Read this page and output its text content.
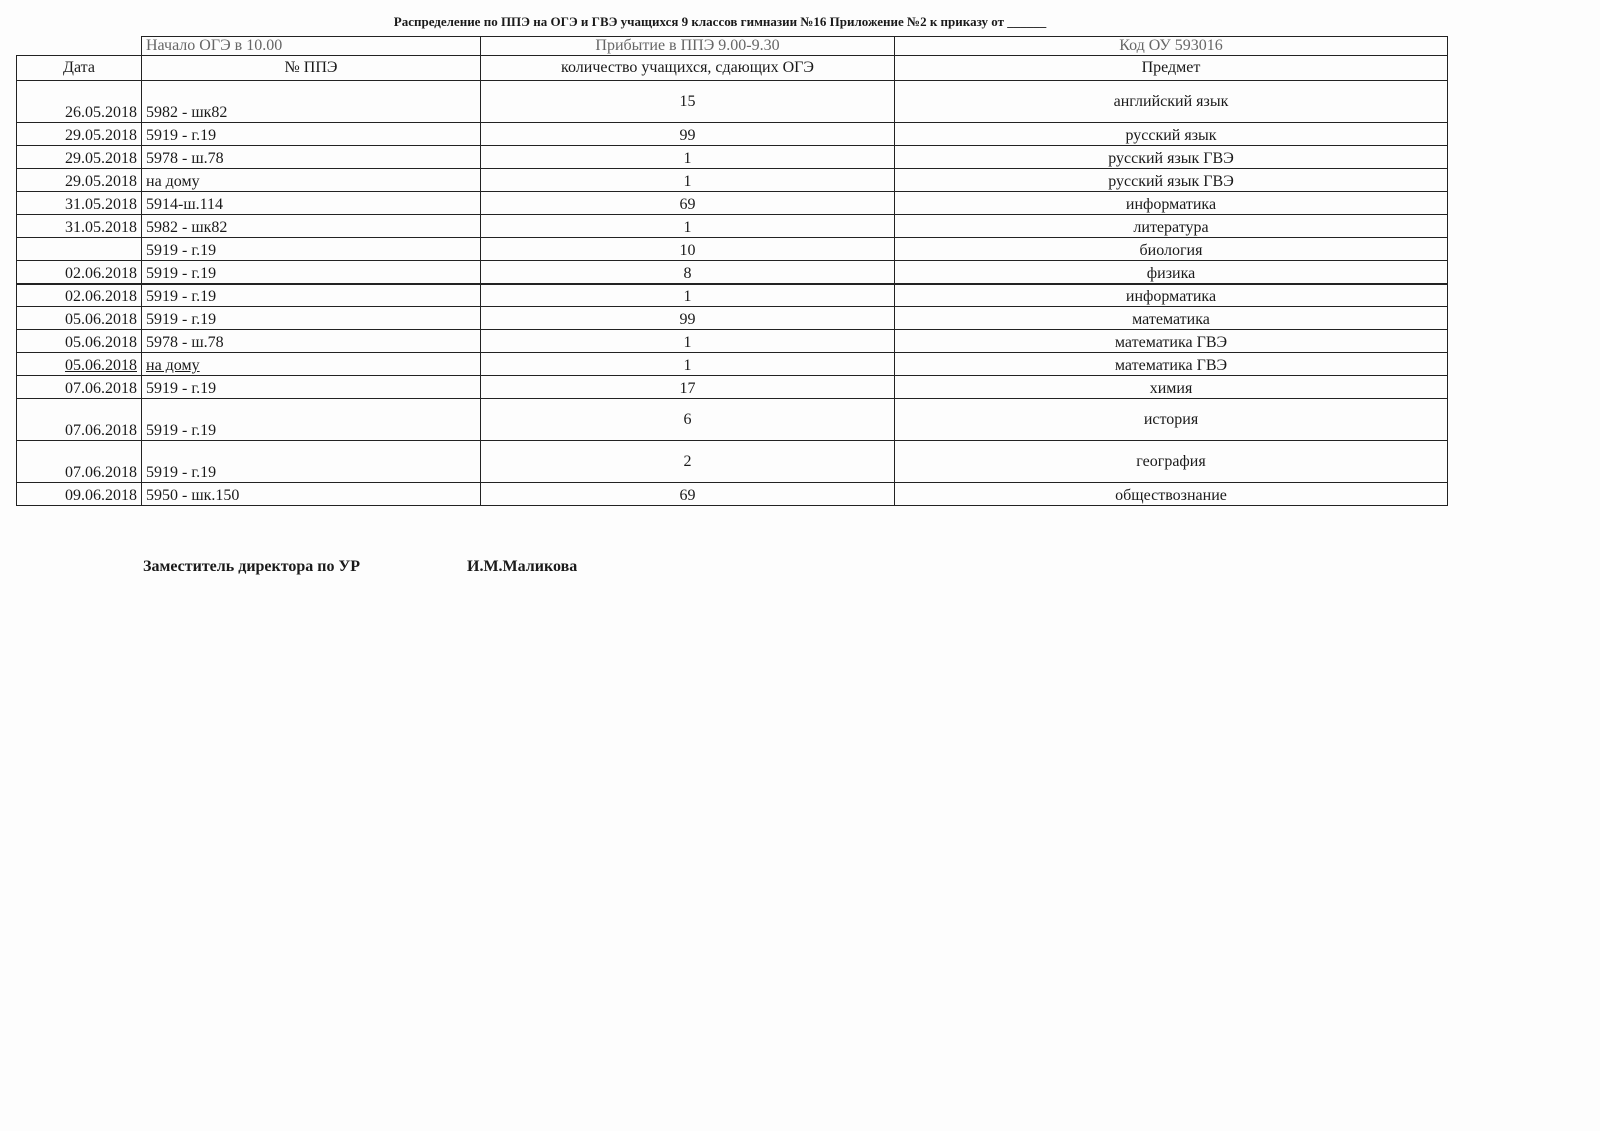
Распределение по ППЭ на ОГЭ и ГВЭ учащихся 9 классов гимназии №16 Приложение №2 к приказу от ______
	Начало ОГЭ в 10.00	Прибытие в ППЭ 9.00-9.30	Код ОУ 593016
Дата	№ ППЭ	количество учащихся, сдающих ОГЭ	Предмет
26.05.2018	5982 - шк82	15	английский язык
29.05.2018	5919 - г.19	99	русский язык
29.05.2018	5978 - ш.78	1	русский язык ГВЭ
29.05.2018	на дому	1	русский язык ГВЭ
31.05.2018	5914-ш.114	69	информатика
31.05.2018	5982 - шк82	1	литература
	5919 - г.19	10	биология
02.06.2018	5919 - г.19	8	физика
02.06.2018	5919 - г.19	1	информатика
05.06.2018	5919 - г.19	99	математика
05.06.2018	5978 - ш.78	1	математика ГВЭ
05.06.2018	на дому	1	математика ГВЭ
07.06.2018	5919 - г.19	17	химия
07.06.2018	5919 - г.19	6	история
07.06.2018	5919 - г.19	2	география
09.06.2018	5950 - шк.150	69	обществознание
Заместитель директора по УР	И.М.Маликова
